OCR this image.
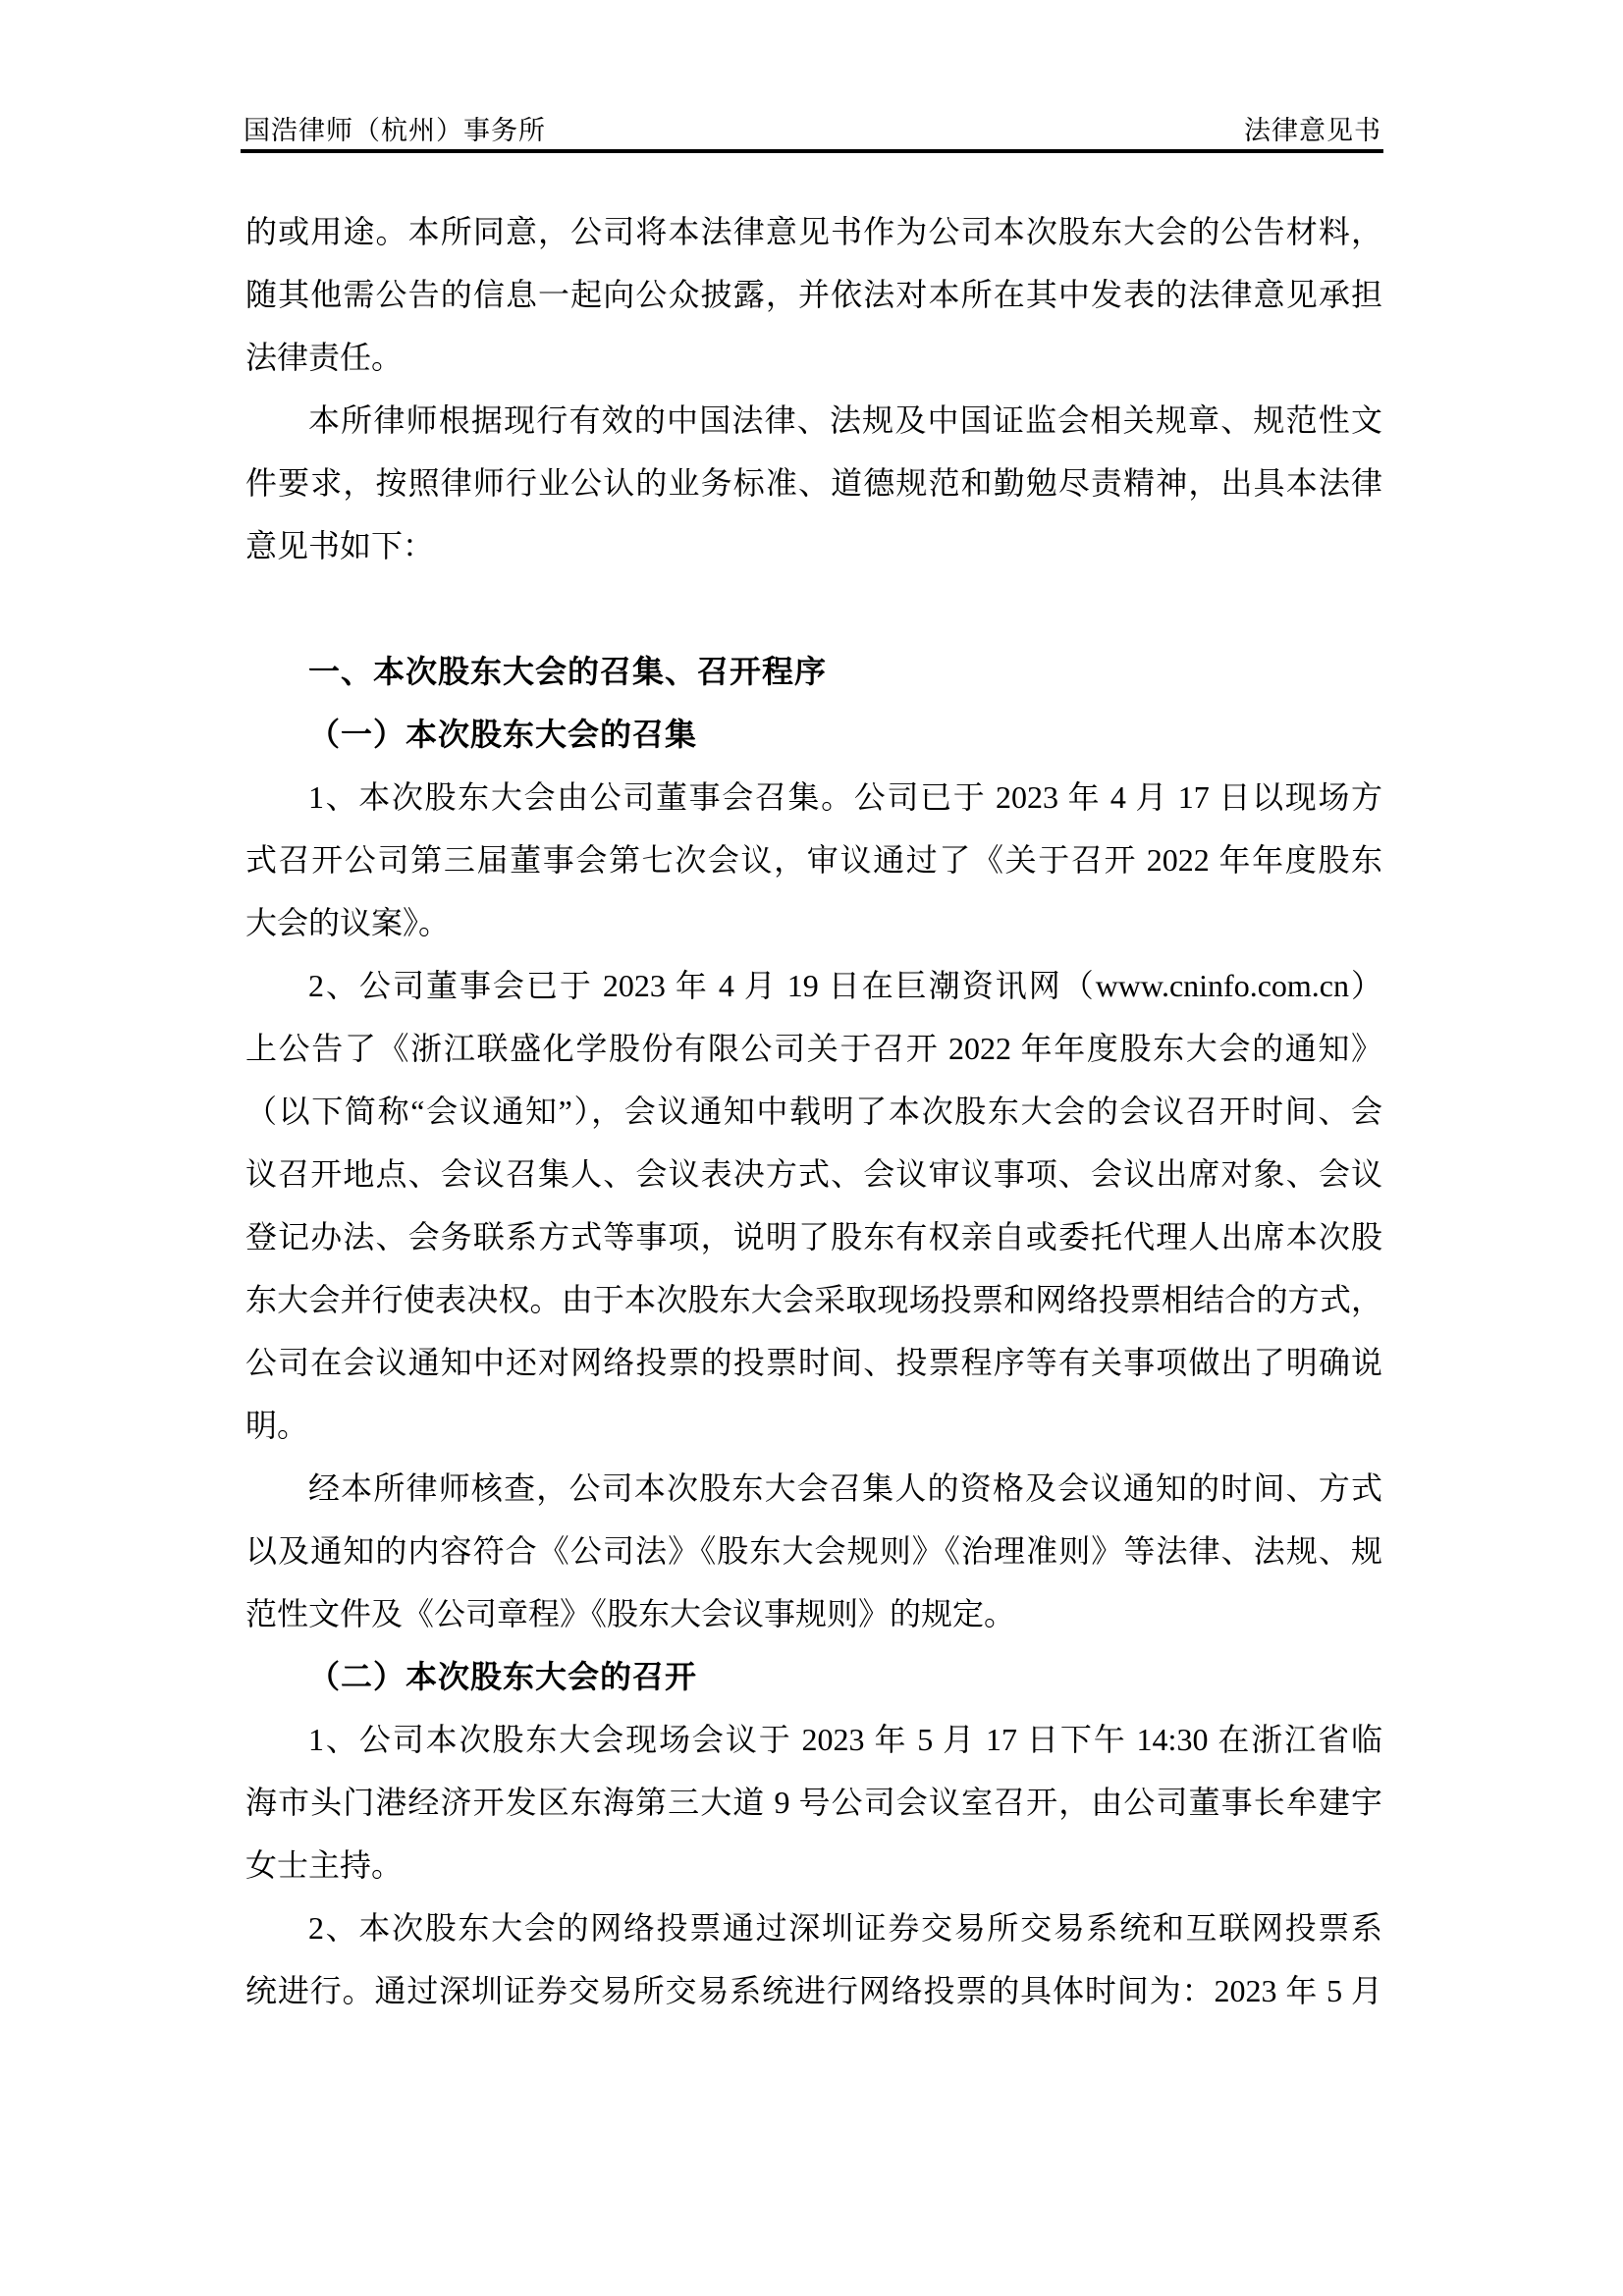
国浩律师（杭州）事务所	法律意见书
的或用途。本所同意，公司将本法律意见书作为公司本次股东大会的公告材料，
随其他需公告的信息一起向公众披露，并依法对本所在其中发表的法律意见承担
法律责任。
本所律师根据现行有效的中国法律、法规及中国证监会相关规章、规范性文
件要求，按照律师行业公认的业务标准、道德规范和勤勉尽责精神，出具本法律
意见书如下：
一、本次股东大会的召集、召开程序
（一）本次股东大会的召集
1、本次股东大会由公司董事会召集。公司已于 2023 年 4 月 17 日以现场方
式召开公司第三届董事会第七次会议，审议通过了《关于召开 2022 年年度股东
大会的议案》。
2、公司董事会已于 2023 年 4 月 19 日在巨潮资讯网（www.cninfo.com.cn）
上公告了《浙江联盛化学股份有限公司关于召开 2022 年年度股东大会的通知》
（以下简称“会议通知”），会议通知中载明了本次股东大会的会议召开时间、会
议召开地点、会议召集人、会议表决方式、会议审议事项、会议出席对象、会议
登记办法、会务联系方式等事项，说明了股东有权亲自或委托代理人出席本次股
东大会并行使表决权。由于本次股东大会采取现场投票和网络投票相结合的方式，
公司在会议通知中还对网络投票的投票时间、投票程序等有关事项做出了明确说
明。
经本所律师核查，公司本次股东大会召集人的资格及会议通知的时间、方式
以及通知的内容符合《公司法》《股东大会规则》《治理准则》等法律、法规、规
范性文件及《公司章程》《股东大会议事规则》的规定。
（二）本次股东大会的召开
1、公司本次股东大会现场会议于 2023 年 5 月 17 日下午 14:30 在浙江省临
海市头门港经济开发区东海第三大道 9 号公司会议室召开，由公司董事长牟建宇
女士主持。
2、本次股东大会的网络投票通过深圳证券交易所交易系统和互联网投票系
统进行。通过深圳证券交易所交易系统进行网络投票的具体时间为：2023 年 5 月
